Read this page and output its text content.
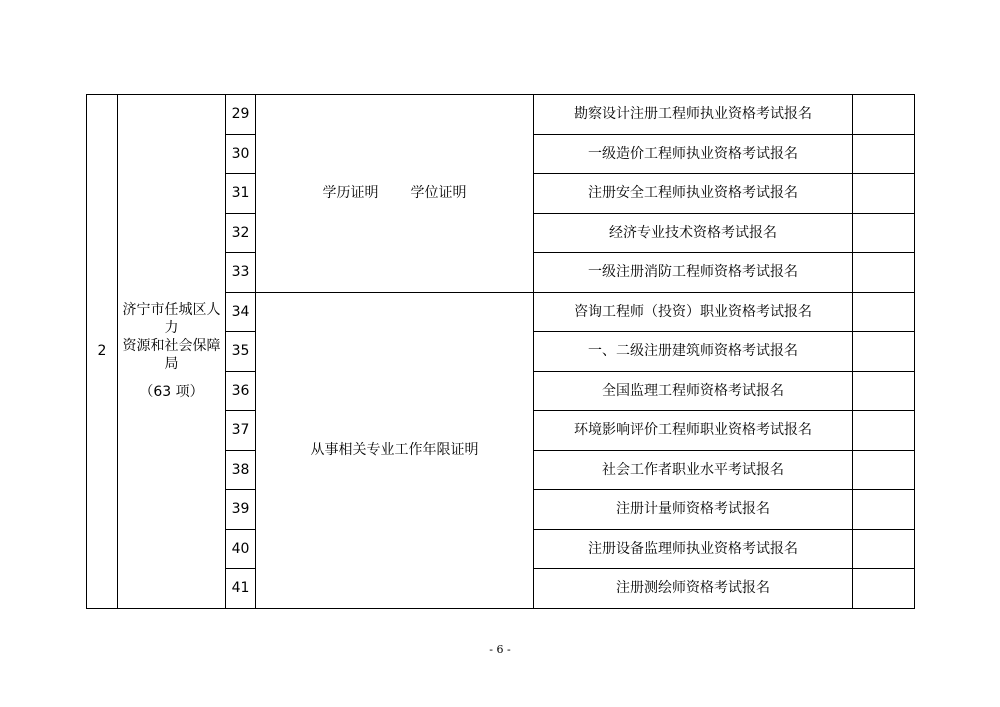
2	济宁市任城区人力
资源和社会保障局
（63 项）	29	学历证明 学位证明	勘察设计注册工程师执业资格考试报名	
		30		一级造价工程师执业资格考试报名	
		31		注册安全工程师执业资格考试报名	
		32		经济专业技术资格考试报名	
		33		一级注册消防工程师资格考试报名	
		34	从事相关专业工作年限证明	咨询工程师（投资）职业资格考试报名	
		35		一、二级注册建筑师资格考试报名	
		36		全国监理工程师资格考试报名	
		37		环境影响评价工程师职业资格考试报名	
		38		社会工作者职业水平考试报名	
		39		注册计量师资格考试报名	
		40		注册设备监理师执业资格考试报名	
		41		注册测绘师资格考试报名	
- 6 -
